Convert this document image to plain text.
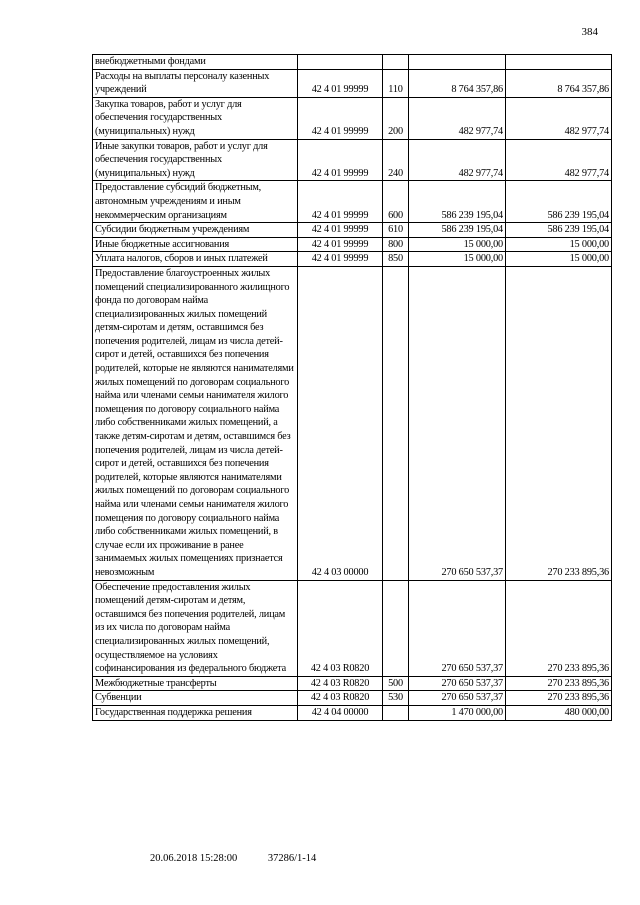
384
внебюджетными фондами				
Расходы на выплаты персоналу казенных учреждений	42 4 01 99999	110	8 764 357,86	8 764 357,86
Закупка товаров, работ и услуг для обеспечения государственных (муниципальных) нужд	42 4 01 99999	200	482 977,74	482 977,74
Иные закупки товаров, работ и услуг для обеспечения государственных (муниципальных) нужд	42 4 01 99999	240	482 977,74	482 977,74
Предоставление субсидий бюджетным, автономным учреждениям и иным некоммерческим организациям	42 4 01 99999	600	586 239 195,04	586 239 195,04
Субсидии бюджетным учреждениям	42 4 01 99999	610	586 239 195,04	586 239 195,04
Иные бюджетные ассигнования	42 4 01 99999	800	15 000,00	15 000,00
Уплата налогов, сборов и иных платежей	42 4 01 99999	850	15 000,00	15 000,00
Предоставление благоустроенных жилых помещений специализированного жилищного фонда по договорам найма специализированных жилых помещений детям-сиротам и детям, оставшимся без попечения родителей, лицам из числа детей-сирот и детей, оставшихся без попечения родителей, которые не являются нанимателями жилых помещений по договорам социального найма или членами семьи нанимателя жилого помещения по договору социального найма либо собственниками жилых помещений, а также детям-сиротам и детям, оставшимся без попечения родителей, лицам из числа детей-сирот и детей, оставшихся без попечения родителей, которые являются нанимателями жилых помещений по договорам социального найма или членами семьи нанимателя жилого помещения по договору социального найма либо собственниками жилых помещений, в случае если их проживание в ранее занимаемых жилых помещениях признается невозможным	42 4 03 00000		270 650 537,37	270 233 895,36
Обеспечение предоставления жилых помещений детям-сиротам и детям, оставшимся без попечения родителей, лицам из их числа по договорам найма специализированных жилых помещений, осуществляемое на условиях софинансирования из федерального бюджета	42 4 03 R0820		270 650 537,37	270 233 895,36
Межбюджетные трансферты	42 4 03 R0820	500	270 650 537,37	270 233 895,36
Субвенции	42 4 03 R0820	530	270 650 537,37	270 233 895,36
Государственная поддержка решения	42 4 04 00000		1 470 000,00	480 000,00
20.06.2018 15:28:00	37286/1-14
